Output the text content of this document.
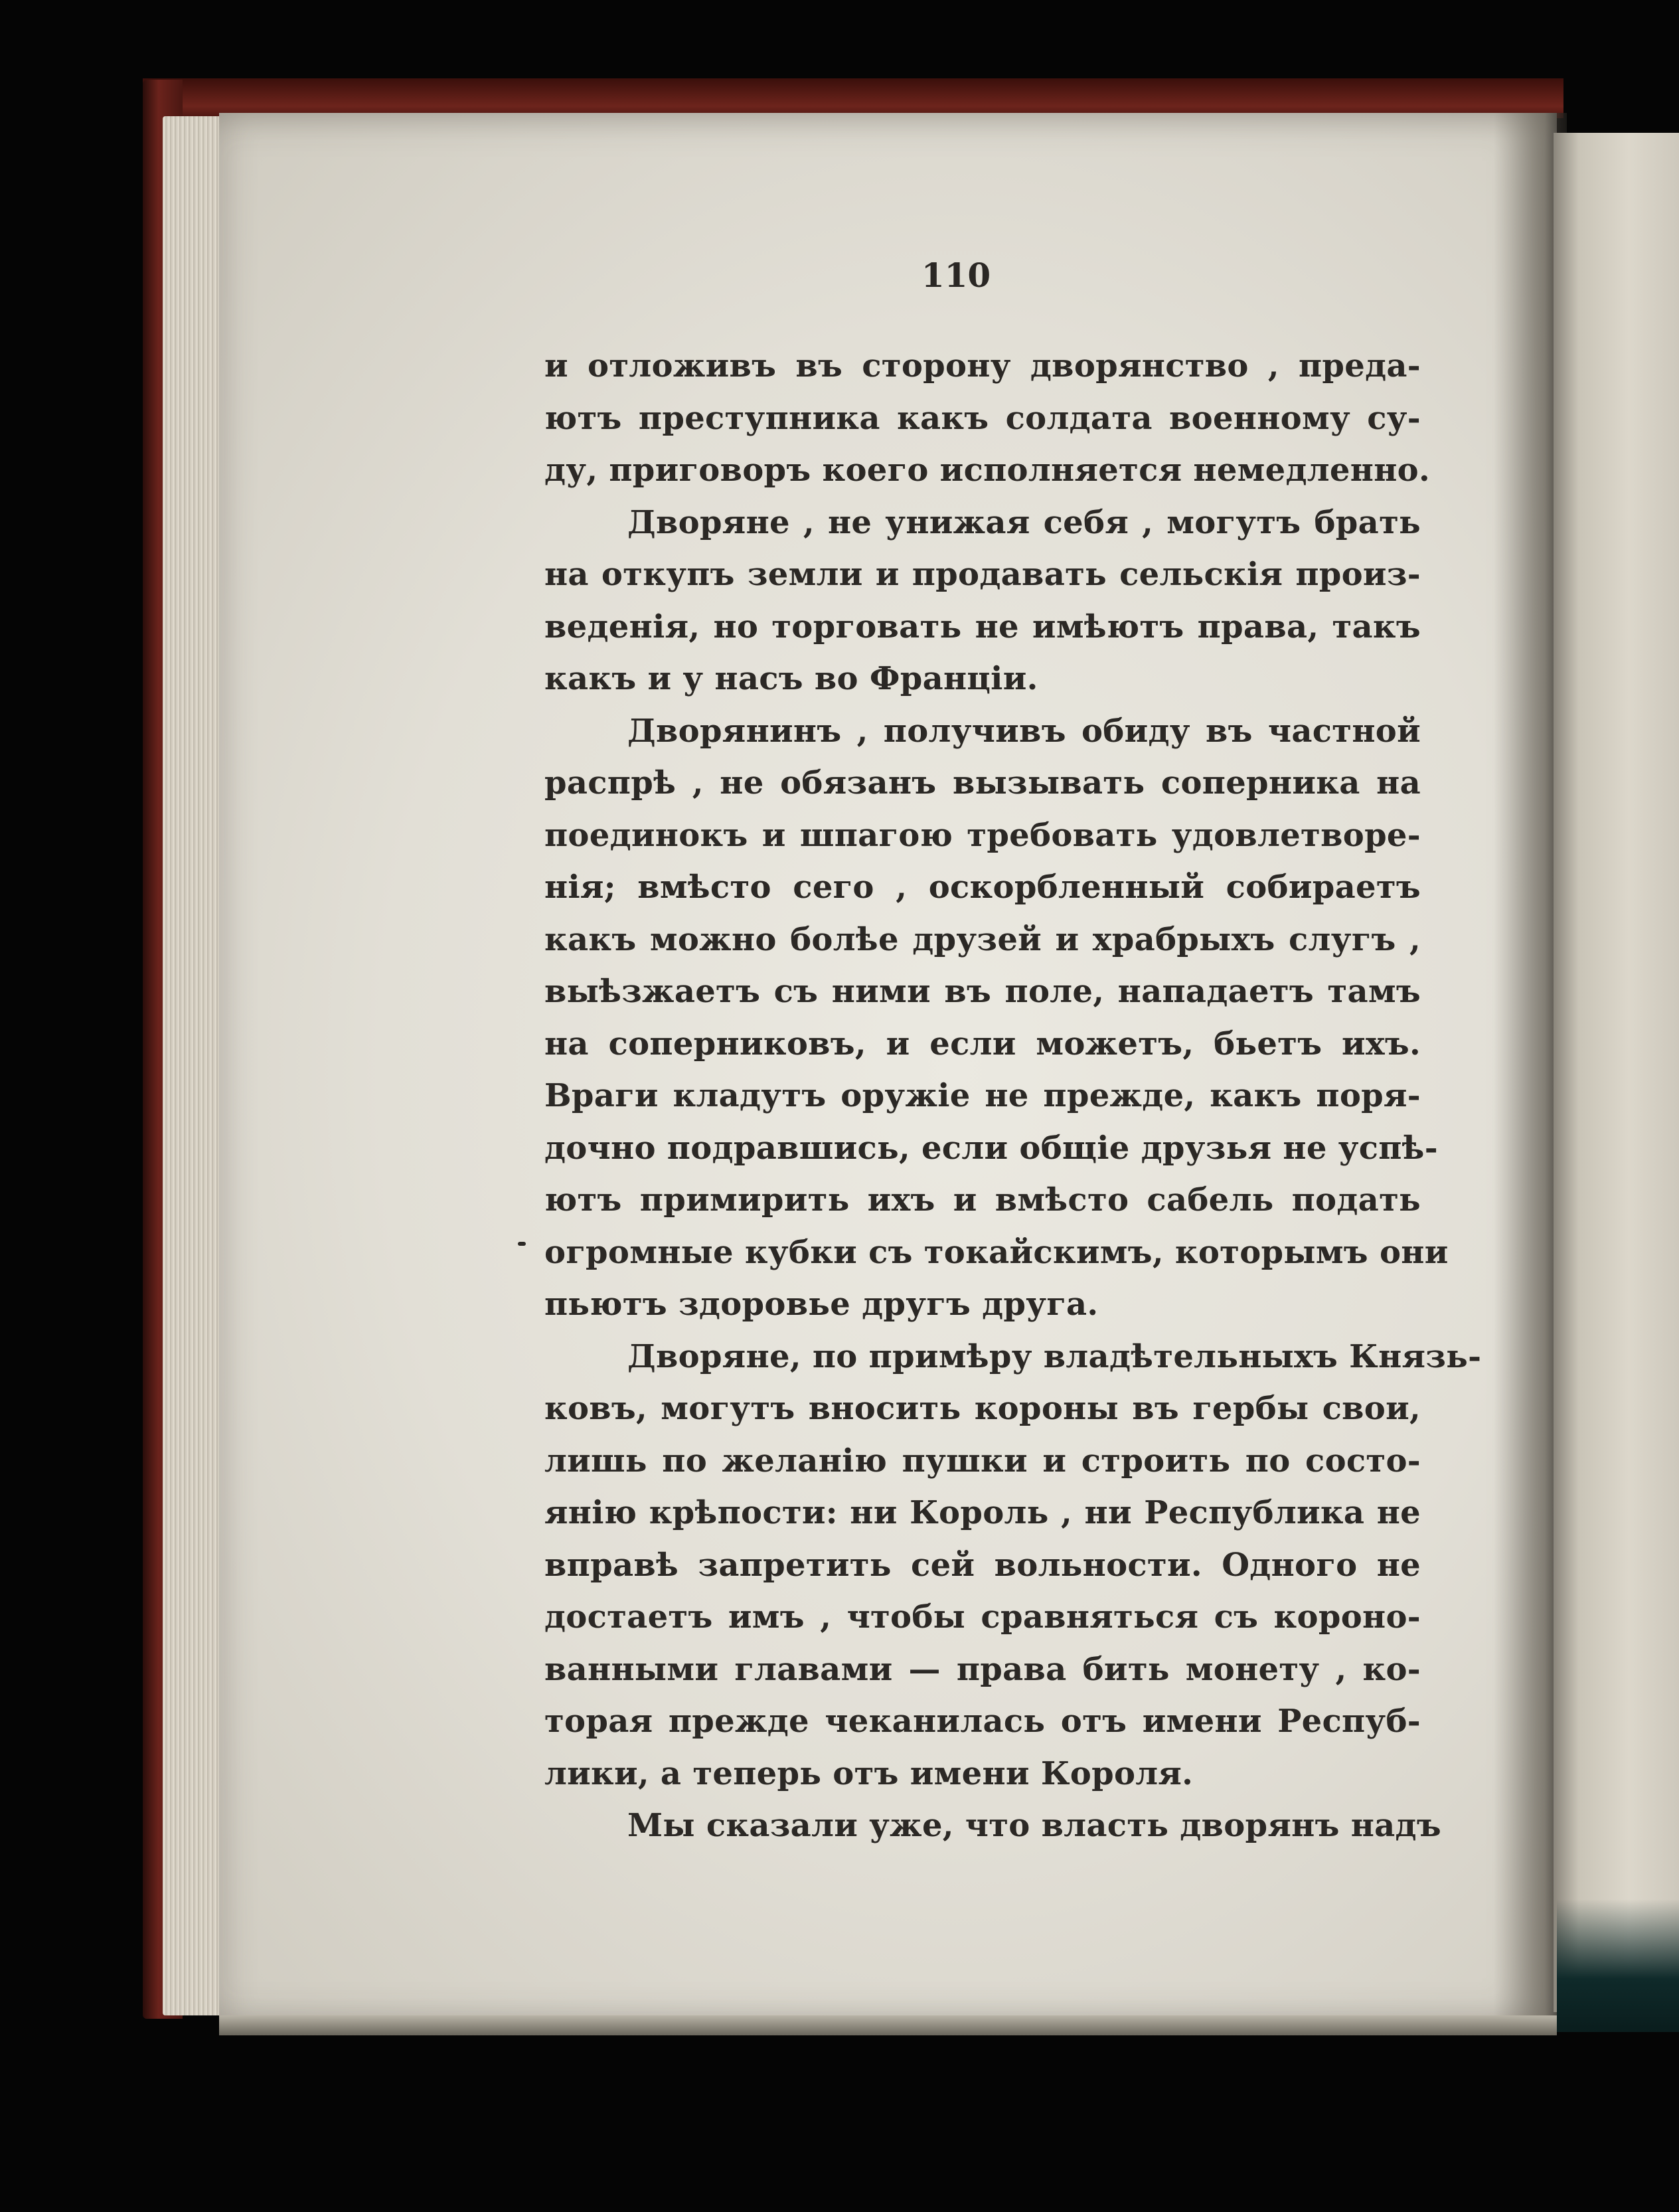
110
и отложивъ въ сторону дворянство , преда-
ютъ преступника какъ солдата военному су-
ду, приговоръ коего исполняется немедленно.
Дворяне , не унижая себя , могутъ брать
на откупъ земли и продавать сельскія произ-
веденія, но торговать не имѣютъ права, такъ
какъ и у насъ во Франціи.
Дворянинъ , получивъ обиду въ частной
распрѣ , не обязанъ вызывать соперника на
поединокъ и шпагою требовать удовлетворе-
нія; вмѣсто сего , оскорбленный собираетъ
какъ можно болѣе друзей и храбрыхъ слугъ ,
выѣзжаетъ съ ними въ поле, нападаетъ тамъ
на соперниковъ, и если можетъ, бьетъ ихъ.
Враги кладутъ оружіе не прежде, какъ поря-
дочно подравшись, если общіе друзья не успѣ-
ютъ примирить ихъ и вмѣсто сабель подать
огромные кубки съ токайскимъ, которымъ они
пьютъ здоровье другъ друга.
Дворяне, по примѣру владѣтельныхъ Князь-
ковъ, могутъ вносить короны въ гербы свои,
лишь по желанію пушки и строить по состо-
янію крѣпости: ни Король , ни Республика не
вправѣ запретить сей вольности. Одного не
достаетъ имъ , чтобы сравняться съ короно-
ванными главами — права бить монету , ко-
торая прежде чеканилась отъ имени Респуб-
лики, а теперь отъ имени Короля.
Мы сказали уже, что власть дворянъ надъ
